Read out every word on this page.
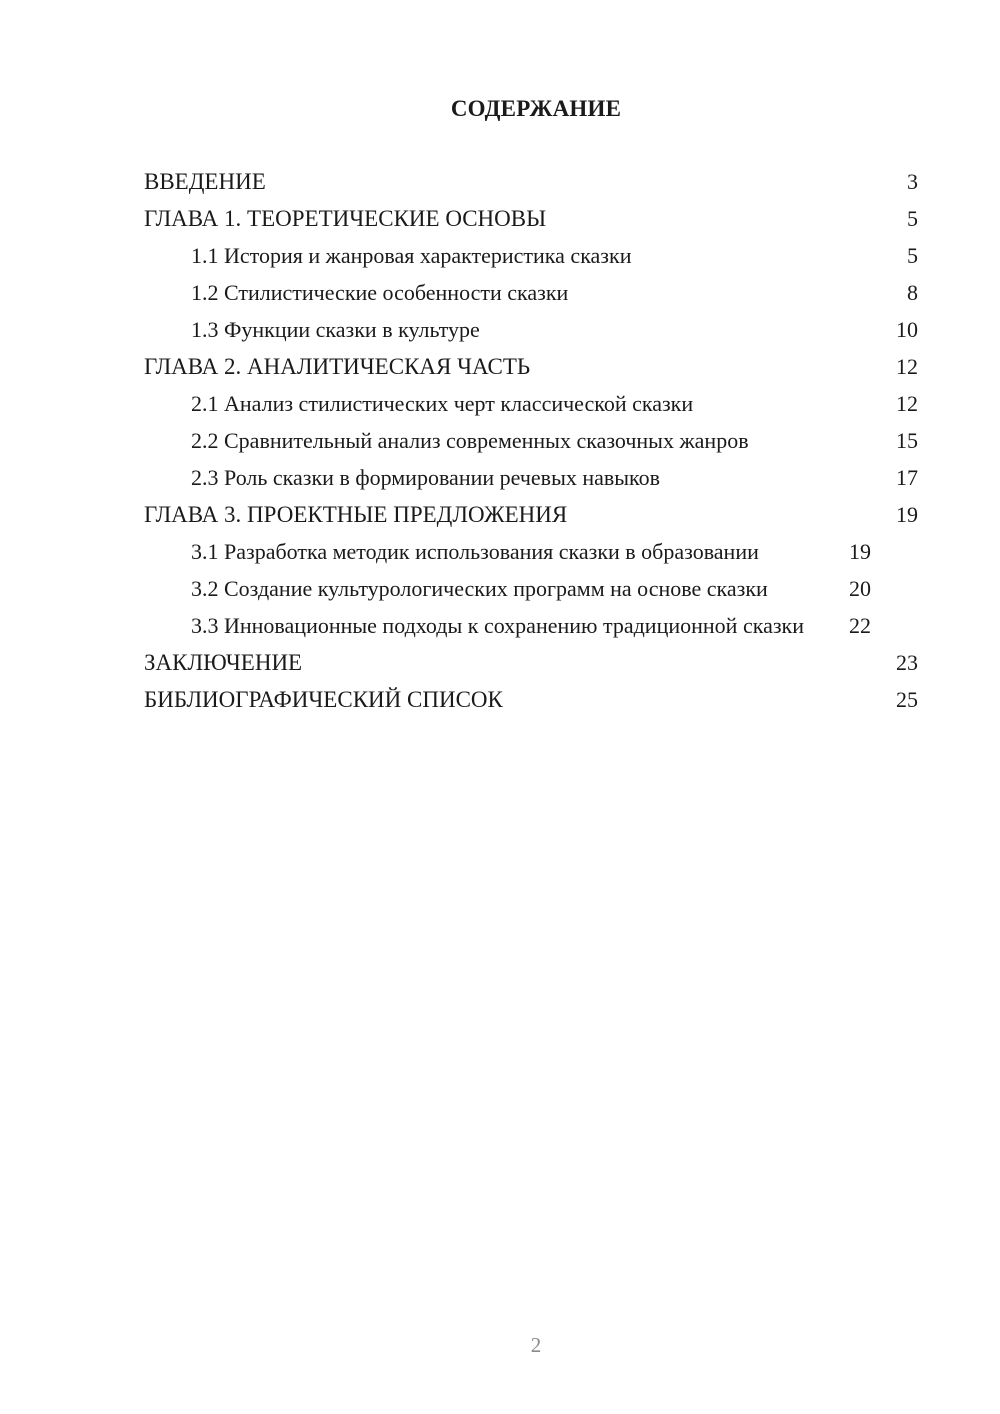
СОДЕРЖАНИЕ
ВВЕДЕНИЕ	3
ГЛАВА 1. ТЕОРЕТИЧЕСКИЕ ОСНОВЫ	5
1.1 История и жанровая характеристика сказки	5
1.2 Стилистические особенности сказки	8
1.3 Функции сказки в культуре	10
ГЛАВА 2. АНАЛИТИЧЕСКАЯ ЧАСТЬ	12
2.1 Анализ стилистических черт классической сказки	12
2.2 Сравнительный анализ современных сказочных жанров	15
2.3 Роль сказки в формировании речевых навыков	17
ГЛАВА 3. ПРОЕКТНЫЕ ПРЕДЛОЖЕНИЯ	19
3.1 Разработка методик использования сказки в образовании	19
3.2 Создание культурологических программ на основе сказки	20
3.3 Инновационные подходы к сохранению традиционной сказки	22
ЗАКЛЮЧЕНИЕ	23
БИБЛИОГРАФИЧЕСКИЙ СПИСОК	25
2
